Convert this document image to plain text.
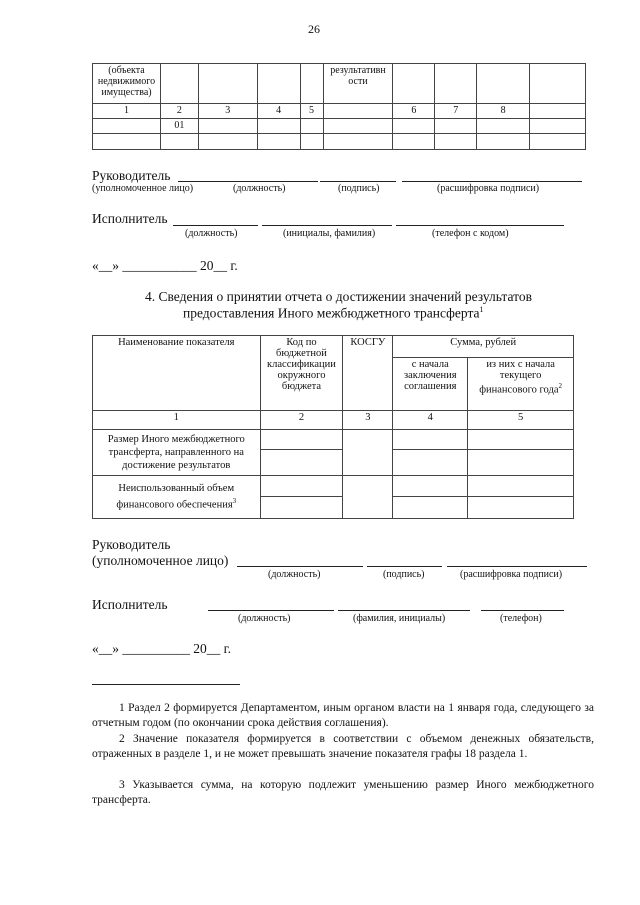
26
(объекта недвижимого имущества)					результативн ости				
1	2	3	4	5		6	7	8	
	01								

Руководитель
(уполномоченное лицо)	(должность)	(подпись)	(расшифровка подписи)
Исполнитель
(должность)	(инициалы, фамилия)	(телефон с кодом)
«__» ___________ 20__ г.
4. Сведения о принятии отчета о достижении значений результатов
предоставления Иного межбюджетного трансферта$^1$
Наименование показателя	Код по бюджетной классификации окружного бюджета	КОСГУ	Сумма, рублей	
			с начала заключения соглашения	из них с начала текущего финансового года$^2$
1	2	3	4	5
Размер Иного межбюджетного трансферта, направленного на достижение результатов				

Неиспользованный объем финансового обеспечения$^3$				

Руководитель
(уполномоченное лицо)
(должность)	(подпись)	(расшифровка подписи)
Исполнитель
(должность)	(фамилия, инициалы)	(телефон)
«__» __________ 20__ г.
1 Раздел 2 формируется Департаментом, иным органом власти на 1 января года, следующего за отчетным годом (по окончании срока действия соглашения).
2 Значение показателя формируется в соответствии с объемом денежных обязательств, отраженных в разделе 1, и не может превышать значение показателя графы 18 раздела 1.
3 Указывается сумма, на которую подлежит уменьшению размер Иного межбюджетного трансферта.
